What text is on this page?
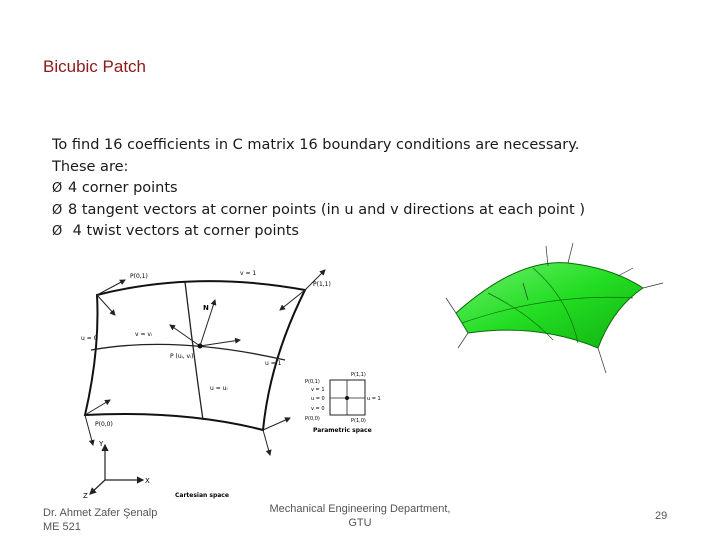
Bicubic Patch
To find 16 coefficients in C matrix 16 boundary conditions are necessary.
These are:
Ø 4 corner points
Ø 8 tangent vectors at corner points (in u and v directions at each point )
Ø 4 twist vectors at corner points
P(0,1)
P(1,1)
P(0,0)
v = 1
u = 0
u = 1
v = vᵢ
u = uᵢ
P (uᵢ, vᵢ)
N
P(0,1)
P(1,1)
P(0,0)	P(1,0)
u = 0	u = 1
v = 0
v = 1
Parametric space
Y
X
Z	Cartesian space
Dr. Ahmet Zafer Şenalp
ME 521
Mechanical Engineering Department,
GTU
29
